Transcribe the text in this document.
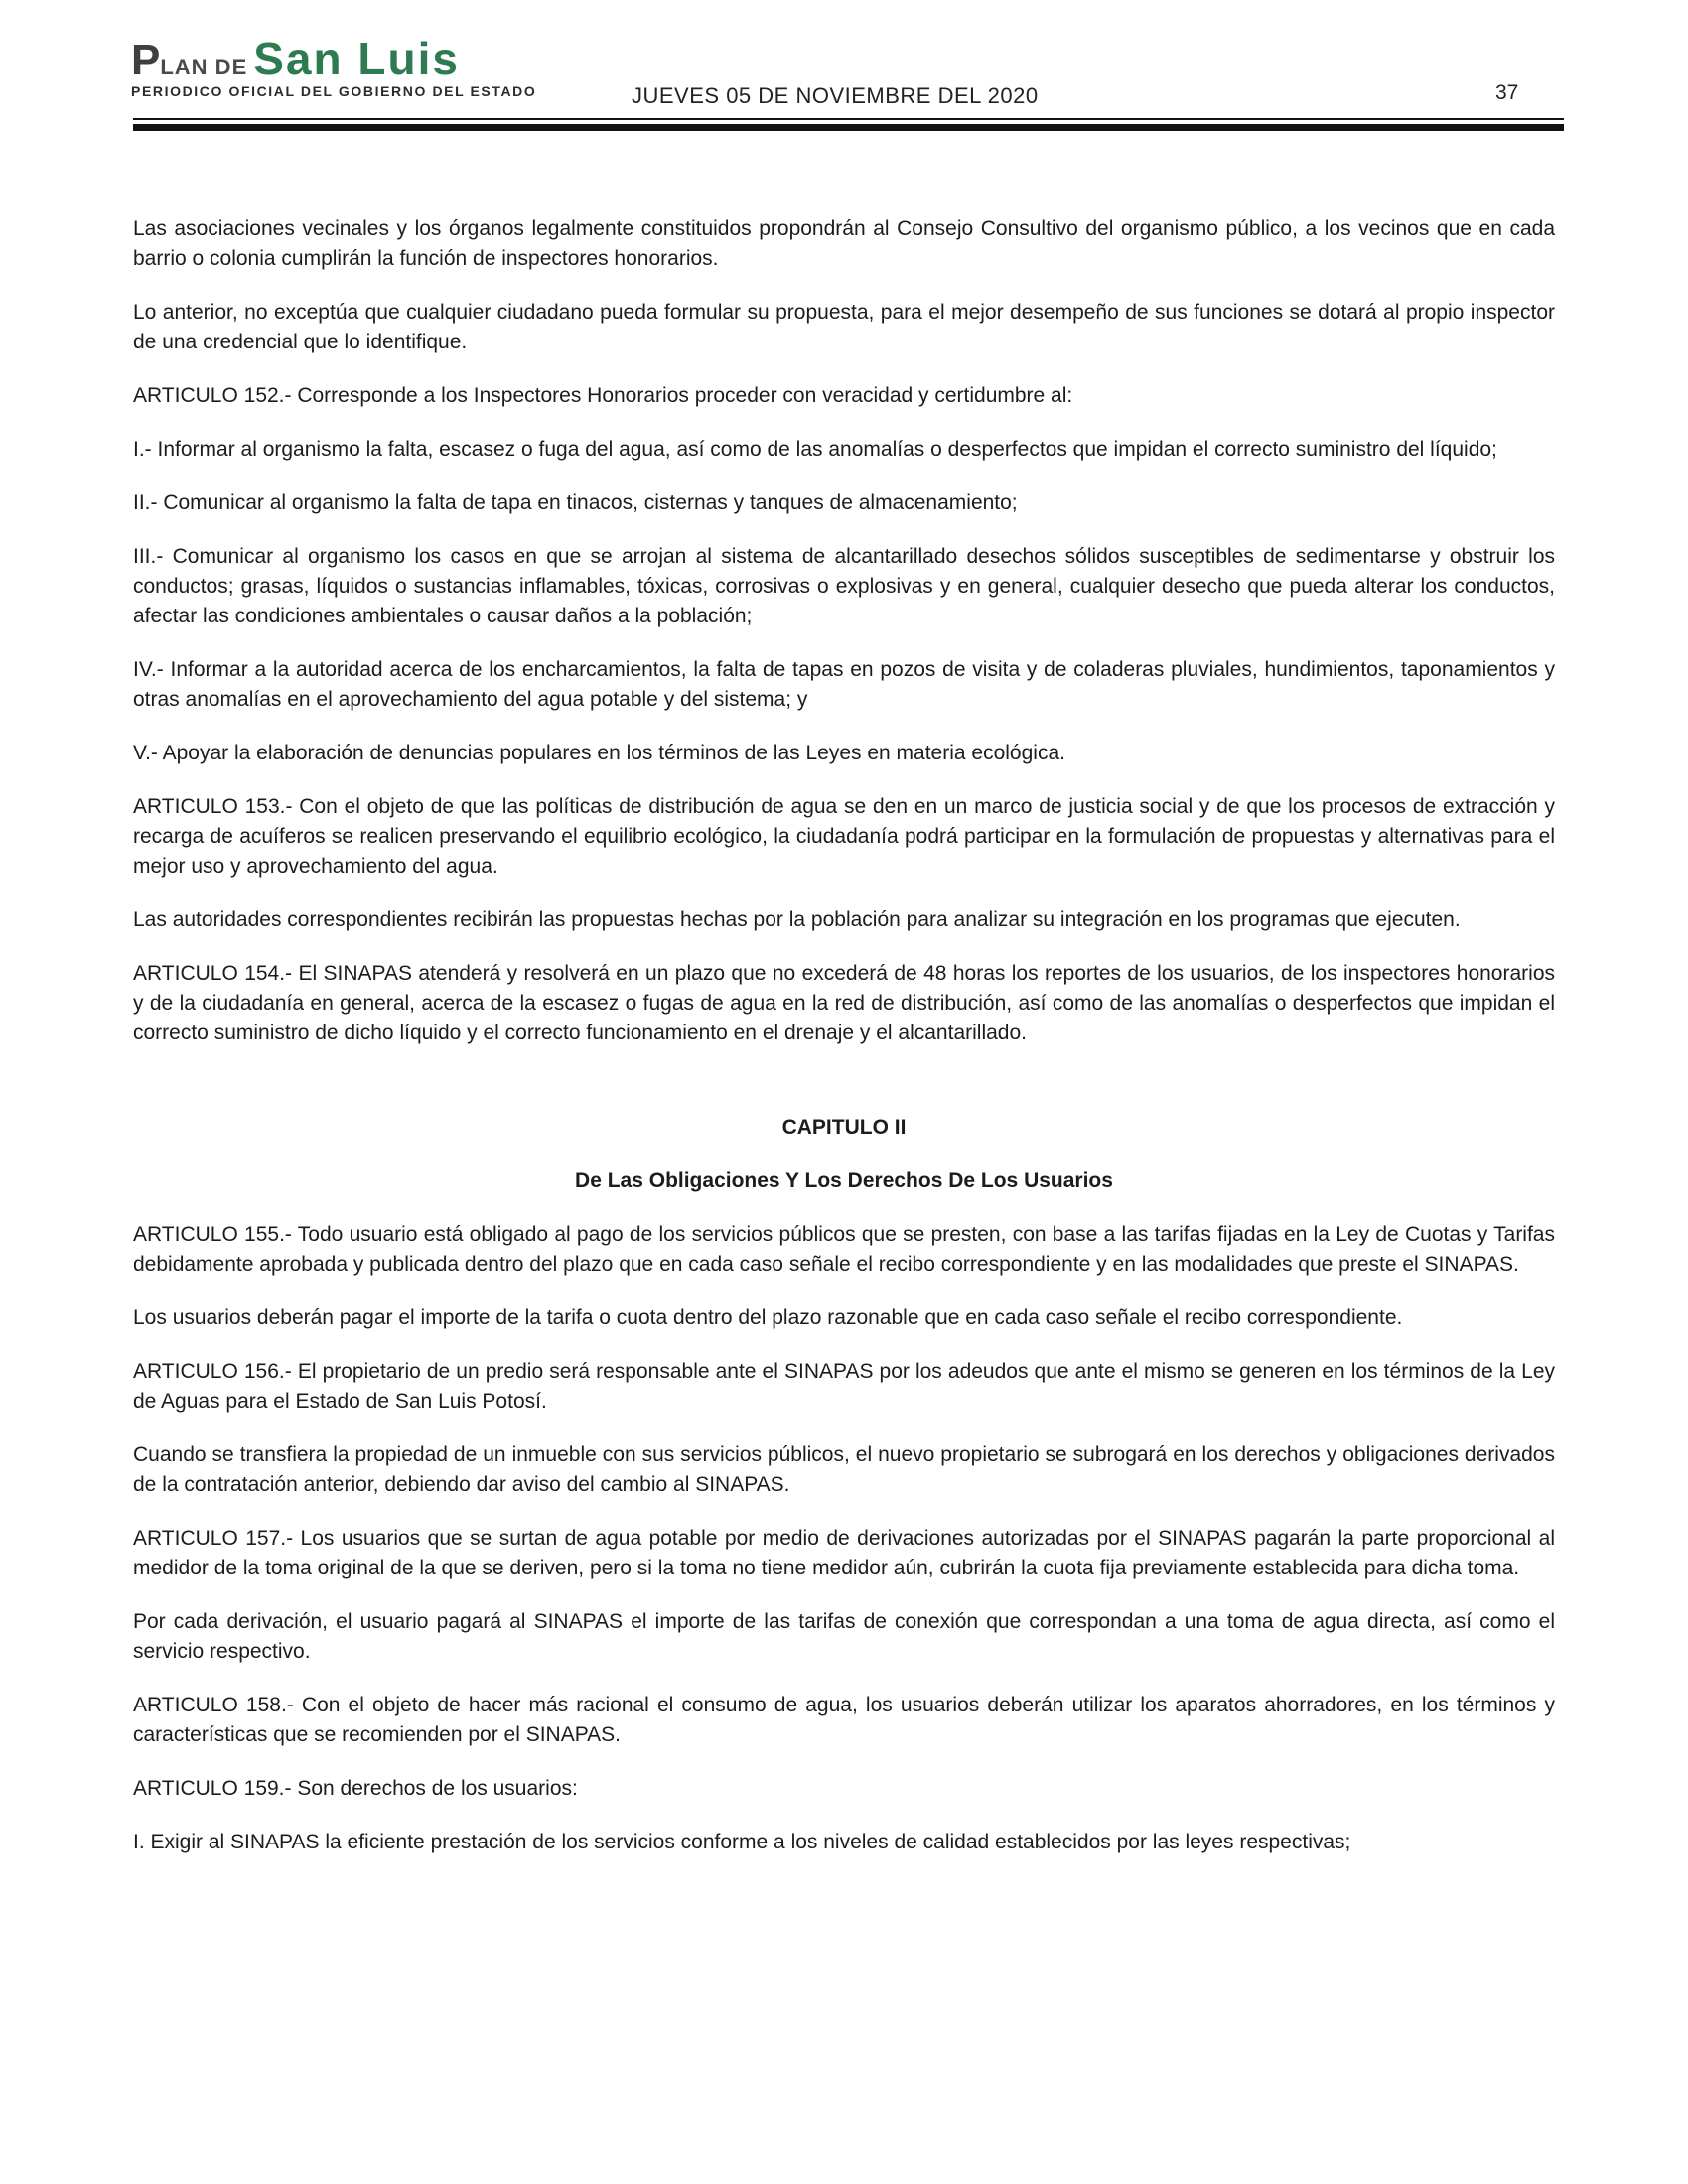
PLAN DE San Luis
PERIODICO OFICIAL DEL GOBIERNO DEL ESTADO	JUEVES 05 DE NOVIEMBRE DEL 2020	37

Las asociaciones vecinales y los órganos legalmente constituidos propondrán al Consejo Consultivo del organismo público, a los vecinos que en cada barrio o colonia cumplirán la función de inspectores honorarios.

Lo anterior, no exceptúa que cualquier ciudadano pueda formular su propuesta, para el mejor desempeño de sus funciones se dotará al propio inspector de una credencial que lo identifique.

ARTICULO 152.- Corresponde a los Inspectores Honorarios proceder con veracidad y certidumbre al:

I.- Informar al organismo la falta, escasez o fuga del agua, así como de las anomalías o desperfectos que impidan el correcto suministro del líquido;

II.- Comunicar al organismo la falta de tapa en tinacos, cisternas y tanques de almacenamiento;

III.- Comunicar al organismo los casos en que se arrojan al sistema de alcantarillado desechos sólidos susceptibles de sedimentarse y obstruir los conductos; grasas, líquidos o sustancias inflamables, tóxicas, corrosivas o explosivas y en general, cualquier desecho que pueda alterar los conductos, afectar las condiciones ambientales o causar daños a la población;

IV.- Informar a la autoridad acerca de los encharcamientos, la falta de tapas en pozos de visita y de coladeras pluviales, hundimientos, taponamientos y otras anomalías en el aprovechamiento del agua potable y del sistema; y

V.- Apoyar la elaboración de denuncias populares en los términos de las Leyes en materia ecológica.

ARTICULO 153.- Con el objeto de que las políticas de distribución de agua se den en un marco de justicia social y de que los procesos de extracción y recarga de acuíferos se realicen preservando el equilibrio ecológico, la ciudadanía podrá participar en la formulación de propuestas y alternativas para el mejor uso y aprovechamiento del agua.

Las autoridades correspondientes recibirán las propuestas hechas por la población para analizar su integración en los programas que ejecuten.

ARTICULO 154.- El SINAPAS atenderá y resolverá en un plazo que no excederá de 48 horas los reportes de los usuarios, de los inspectores honorarios y de la ciudadanía en general, acerca de la escasez o fugas de agua en la red de distribución, así como de las anomalías o desperfectos que impidan el correcto suministro de dicho líquido y el correcto funcionamiento en el drenaje y el alcantarillado.

CAPITULO II

De Las Obligaciones Y Los Derechos De Los Usuarios

ARTICULO 155.- Todo usuario está obligado al pago de los servicios públicos que se presten, con base a las tarifas fijadas en la Ley de Cuotas y Tarifas debidamente aprobada y publicada dentro del plazo que en cada caso señale el recibo correspondiente y en las modalidades que preste el SINAPAS.

Los usuarios deberán pagar el importe de la tarifa o cuota dentro del plazo razonable que en cada caso señale el recibo correspondiente.

ARTICULO 156.- El propietario de un predio será responsable ante el SINAPAS por los adeudos que ante el mismo se generen en los términos de la Ley de Aguas para el Estado de San Luis Potosí.

Cuando se transfiera la propiedad de un inmueble con sus servicios públicos, el nuevo propietario se subrogará en los derechos y obligaciones derivados de la contratación anterior, debiendo dar aviso del cambio al SINAPAS.

ARTICULO 157.- Los usuarios que se surtan de agua potable por medio de derivaciones autorizadas por el SINAPAS pagarán la parte proporcional al medidor de la toma original de la que se deriven, pero si la toma no tiene medidor aún, cubrirán la cuota fija previamente establecida para dicha toma.

Por cada derivación, el usuario pagará al SINAPAS el importe de las tarifas de conexión que correspondan a una toma de agua directa, así como el servicio respectivo.

ARTICULO 158.- Con el objeto de hacer más racional el consumo de agua, los usuarios deberán utilizar los aparatos ahorradores, en los términos y características que se recomienden por el SINAPAS.

ARTICULO 159.- Son derechos de los usuarios:

I. Exigir al SINAPAS la eficiente prestación de los servicios conforme a los niveles de calidad establecidos por las leyes respectivas;
